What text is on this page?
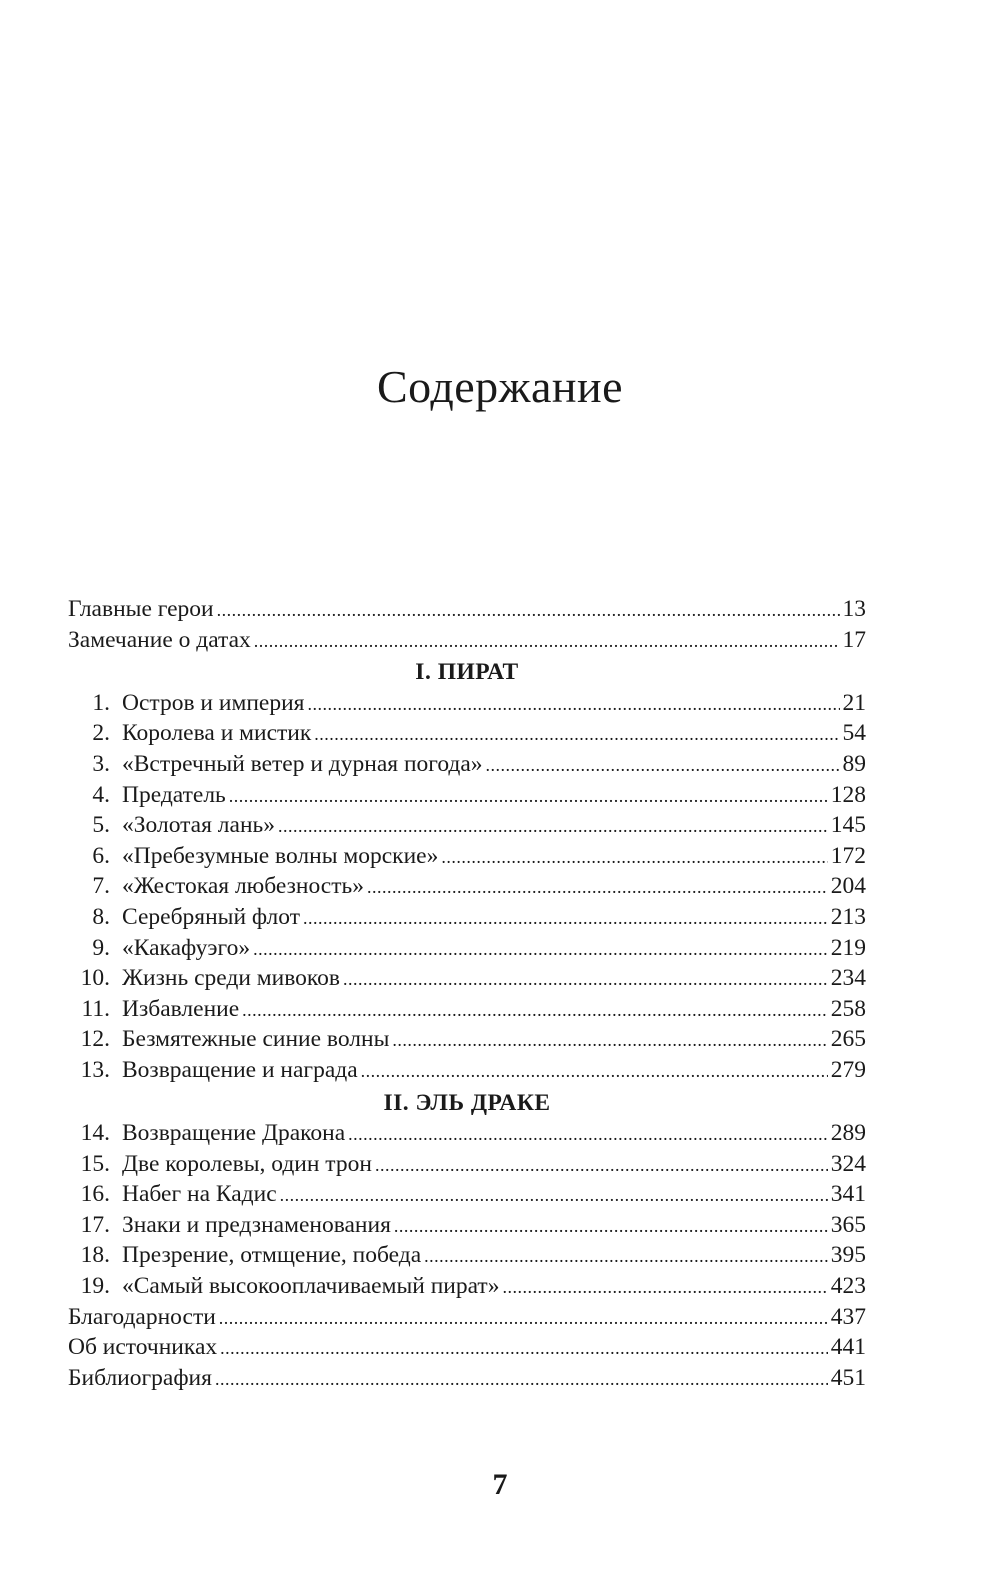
Содержание
Главные герои . . .	13
Замечание о датах . . .	17
I. ПИРАТ
1. Остров и империя . . .	21
2. Королева и мистик . . .	54
3. «Встречный ветер и дурная погода» . . .	89
4. Предатель . . .	128
5. «Золотая лань» . . .	145
6. «Пребезумные волны морские» . . .	172
7. «Жестокая любезность» . . .	204
8. Серебряный флот . . .	213
9. «Какафуэго» . . .	219
10. Жизнь среди мивоков . . .	234
11. Избавление . . .	258
12. Безмятежные синие волны . . .	265
13. Возвращение и награда . . .	279
II. ЭЛЬ ДРАКЕ
14. Возвращение Дракона . . .	289
15. Две королевы, один трон . . .	324
16. Набег на Кадис . . .	341
17. Знаки и предзнаменования . . .	365
18. Презрение, отмщение, победа . . .	395
19. «Самый высокооплачиваемый пират» . . .	423
Благодарности . . .	437
Об источниках . . .	441
Библиография . . .	451
7
